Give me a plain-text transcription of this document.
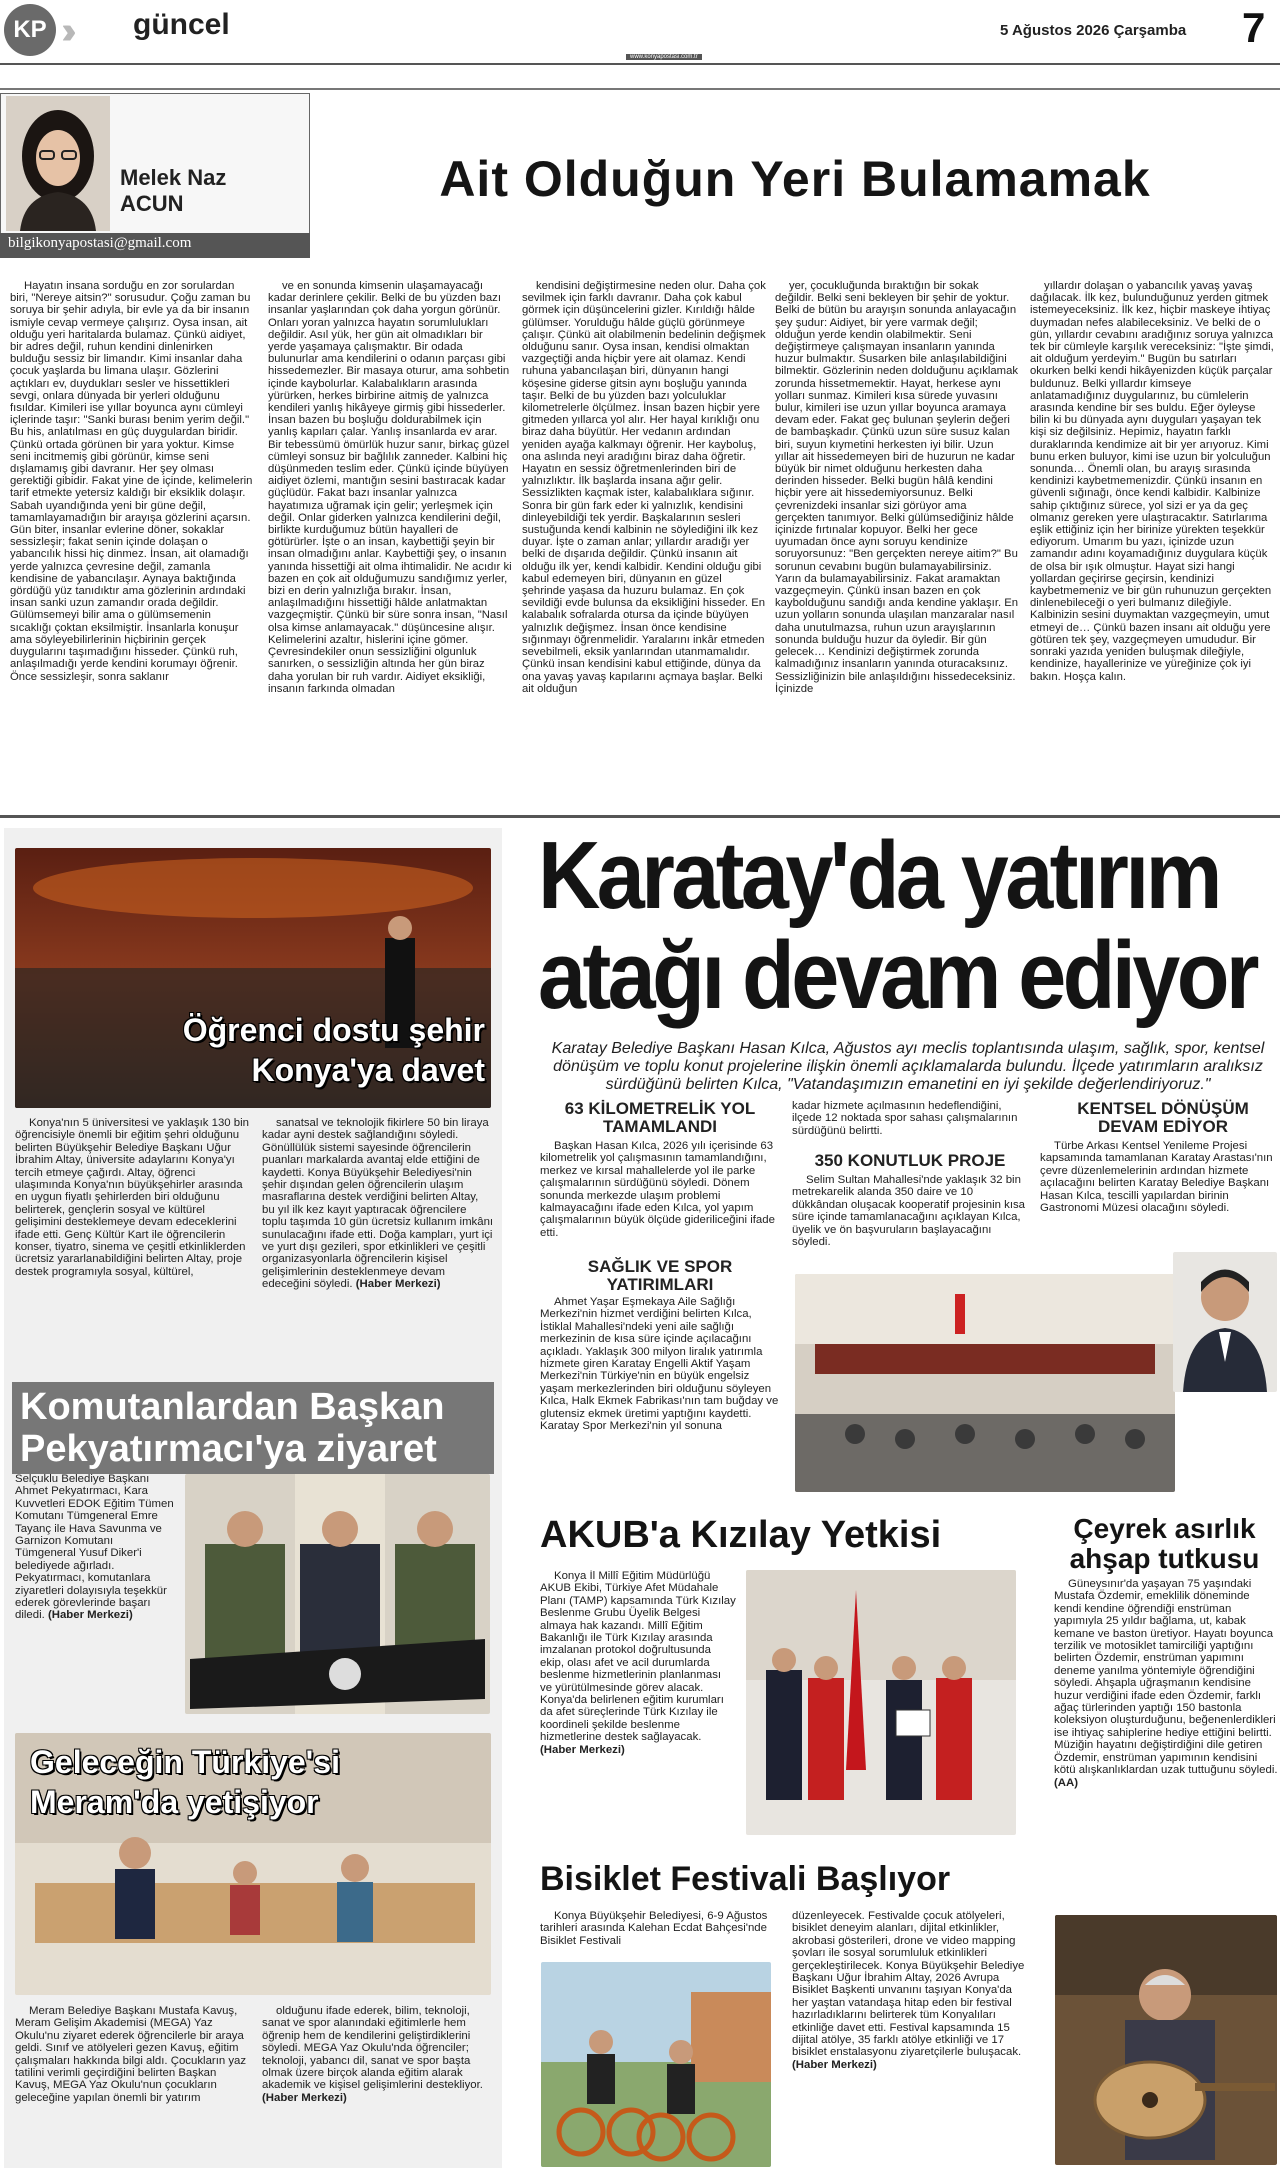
KP	güncel	5 Ağustos 2026 Çarşamba 7
www.konyapostasi.com.tr
Melek Naz
ACUN
bilgikonyapostasi@gmail.com
Ait Olduğun Yeri Bulamamak

Hayatın insana sorduğu en zor sorulardan biri, "Nereye aitsin?" sorusudur. Çoğu zaman bu soruya bir şehir adıyla, bir evle ya da bir insanın ismiyle cevap vermeye çalışırız. Oysa insan, ait olduğu yeri haritalarda bulamaz. Çünkü aidiyet, bir adres değil, ruhun kendini dinlenirken bulduğu sessiz bir limandır. Kimi insanlar daha çocuk yaşlarda bu limana ulaşır. Gözlerini açtıkları ev, duydukları sesler ve hissettikleri sevgi, onlara dünyada bir yerleri olduğunu fısıldar. Kimileri ise yıllar boyunca aynı cümleyi içlerinde taşır: "Sanki burası benim yerim değil." Bu his, anlatılması en güç duygulardan biridir. Çünkü ortada görünen bir yara yoktur. Kimse seni incitmemiş gibi görünür, kimse seni dışlamamış gibi davranır. Her şey olması gerektiği gibidir. Fakat yine de içinde, kelimelerin tarif etmekte yetersiz kaldığı bir eksiklik dolaşır. Sabah uyandığında yeni bir güne değil, tamamlayamadığın bir arayışa gözlerini açarsın. Gün biter, insanlar evlerine döner, sokaklar sessizleşir; fakat senin içinde dolaşan o yabancılık hissi hiç dinmez. İnsan, ait olamadığı yerde yalnızca çevresine değil, zamanla kendisine de yabancılaşır. Aynaya baktığında gördüğü yüz tanıdıktır ama gözlerinin ardındaki insan sanki uzun zamandır orada değildir. Gülümsemeyi bilir ama o gülümsemenin sıcaklığı çoktan eksilmiştir. İnsanlarla konuşur ama söyleyebilirlerinin hiçbirinin gerçek duygularını taşımadığını hisseder. Çünkü ruh, anlaşılmadığı yerde kendini korumayı öğrenir. Önce sessizleşir, sonra saklanır

ve en sonunda kimsenin ulaşamayacağı kadar derinlere çekilir. Belki de bu yüzden bazı insanlar yaşlarından çok daha yorgun görünür. Onları yoran yalnızca hayatın sorumlulukları değildir. Asıl yük, her gün ait olmadıkları bir yerde yaşamaya çalışmaktır. Bir odada bulunurlar ama kendilerini o odanın parçası gibi hissedemezler. Bir masaya oturur, ama sohbetin içinde kaybolurlar. Kalabalıkların arasında yürürken, herkes birbirine aitmiş de yalnızca kendileri yanlış hikâyeye girmiş gibi hissederler. İnsan bazen bu boşluğu doldurabilmek için yanlış kapıları çalar. Yanlış insanlarda ev arar. Bir tebessümü ömürlük huzur sanır, birkaç güzel cümleyi sonsuz bir bağlılık zanneder. Kalbini hiç düşünmeden teslim eder. Çünkü içinde büyüyen aidiyet özlemi, mantığın sesini bastıracak kadar güçlüdür. Fakat bazı insanlar yalnızca hayatımıza uğramak için gelir; yerleşmek için değil. Onlar giderken yalnızca kendilerini değil, birlikte kurduğumuz bütün hayalleri de götürürler. İşte o an insan, kaybettiği şeyin bir insan olmadığını anlar. Kaybettiği şey, o insanın yanında hissettiği ait olma ihtimalidir. Ne acıdır ki bazen en çok ait olduğumuzu sandığımız yerler, bizi en derin yalnızlığa bırakır. İnsan, anlaşılmadığını hissettiği hâlde anlatmaktan vazgeçmiştir. Çünkü bir süre sonra insan, "Nasıl olsa kimse anlamayacak." düşüncesine alışır. Kelimelerini azaltır, hislerini içine gömer. Çevresindekiler onun sessizliğini olgunluk sanırken, o sessizliğin altında her gün biraz daha yorulan bir ruh vardır. Aidiyet eksikliği, insanın farkında olmadan

kendisini değiştirmesine neden olur. Daha çok sevilmek için farklı davranır. Daha çok kabul görmek için düşüncelerini gizler. Kırıldığı hâlde gülümser. Yorulduğu hâlde güçlü görünmeye çalışır. Çünkü ait olabilmenin bedelinin değişmek olduğunu sanır. Oysa insan, kendisi olmaktan vazgeçtiği anda hiçbir yere ait olamaz. Kendi ruhuna yabancılaşan biri, dünyanın hangi köşesine giderse gitsin aynı boşluğu yanında taşır. Belki de bu yüzden bazı yolculuklar kilometrelerle ölçülmez. İnsan bazen hiçbir yere gitmeden yıllarca yol alır. Her hayal kırıklığı onu biraz daha büyütür. Her vedanın ardından yeniden ayağa kalkmayı öğrenir. Her kayboluş, ona aslında neyi aradığını biraz daha öğretir. Hayatın en sessiz öğretmenlerinden biri de yalnızlıktır. İlk başlarda insana ağır gelir. Sessizlikten kaçmak ister, kalabalıklara sığınır. Sonra bir gün fark eder ki yalnızlık, kendisini dinleyebildiği tek yerdir. Başkalarının sesleri sustuğunda kendi kalbinin ne söylediğini ilk kez duyar. İşte o zaman anlar; yıllardır aradığı yer belki de dışarıda değildir. Çünkü insanın ait olduğu ilk yer, kendi kalbidir. Kendini olduğu gibi kabul edemeyen biri, dünyanın en güzel şehrinde yaşasa da huzuru bulamaz. En çok sevildiği evde bulunsa da eksikliğini hisseder. En kalabalık sofralarda otursa da içinde büyüyen yalnızlık değişmez. İnsan önce kendisine sığınmayı öğrenmelidir. Yaralarını inkâr etmeden sevebilmeli, eksik yanlarından utanmamalıdır. Çünkü insan kendisini kabul ettiğinde, dünya da ona yavaş yavaş kapılarını açmaya başlar. Belki ait olduğun

yer, çocukluğunda bıraktığın bir sokak değildir. Belki seni bekleyen bir şehir de yoktur. Belki de bütün bu arayışın sonunda anlayacağın şey şudur: Aidiyet, bir yere varmak değil; olduğun yerde kendin olabilmektir. Seni değiştirmeye çalışmayan insanların yanında huzur bulmaktır. Susarken bile anlaşılabildiğini bilmektir. Gözlerinin neden dolduğunu açıklamak zorunda hissetmemektir. Hayat, herkese aynı yolları sunmaz. Kimileri kısa sürede yuvasını bulur, kimileri ise uzun yıllar boyunca aramaya devam eder. Fakat geç bulunan şeylerin değeri de bambaşkadır. Çünkü uzun süre susuz kalan biri, suyun kıymetini herkesten iyi bilir. Uzun yıllar ait hissedemeyen biri de huzurun ne kadar büyük bir nimet olduğunu herkesten daha derinden hisseder. Belki bugün hâlâ kendini hiçbir yere ait hissedemiyorsunuz. Belki çevrenizdeki insanlar sizi görüyor ama gerçekten tanımıyor. Belki gülümsediğiniz hâlde içinizde fırtınalar kopuyor. Belki her gece uyumadan önce aynı soruyu kendinize soruyorsunuz: "Ben gerçekten nereye aitim?" Bu sorunun cevabını bugün bulamayabilirsiniz. Yarın da bulamayabilirsiniz. Fakat aramaktan vazgeçmeyin. Çünkü insan bazen en çok kaybolduğunu sandığı anda kendine yaklaşır. En uzun yolların sonunda ulaşılan manzaralar nasıl daha unutulmazsa, ruhun uzun arayışlarının sonunda bulduğu huzur da öyledir. Bir gün gelecek… Kendinizi değiştirmek zorunda kalmadığınız insanların yanında oturacaksınız. Sessizliğinizin bile anlaşıldığını hissedeceksiniz. İçinizde

yıllardır dolaşan o yabancılık yavaş yavaş dağılacak. İlk kez, bulunduğunuz yerden gitmek istemeyeceksiniz. İlk kez, hiçbir maskeye ihtiyaç duymadan nefes alabileceksiniz. Ve belki de o gün, yıllardır cevabını aradığınız soruya yalnızca tek bir cümleyle karşılık vereceksiniz: "İşte şimdi, ait olduğum yerdeyim." Bugün bu satırları okurken belki kendi hikâyenizden küçük parçalar buldunuz. Belki yıllardır kimseye anlatamadığınız duygularınız, bu cümlelerin arasında kendine bir ses buldu. Eğer öyleyse bilin ki bu dünyada aynı duyguları yaşayan tek kişi siz değilsiniz. Hepimiz, hayatın farklı duraklarında kendimize ait bir yer arıyoruz. Kimi bunu erken buluyor, kimi ise uzun bir yolculuğun sonunda… Önemli olan, bu arayış sırasında kendinizi kaybetmemenizdir. Çünkü insanın en güvenli sığınağı, önce kendi kalbidir. Kalbinize sahip çıktığınız sürece, yol sizi er ya da geç olmanız gereken yere ulaştıracaktır. Satırlarıma eşlik ettiğiniz için her birinize yürekten teşekkür ediyorum. Umarım bu yazı, içinizde uzun zamandır adını koyamadığınız duygulara küçük de olsa bir ışık olmuştur. Hayat sizi hangi yollardan geçirirse geçirsin, kendinizi kaybetmemeniz ve bir gün ruhunuzun gerçekten dinlenebileceği o yeri bulmanız dileğiyle. Kalbinizin sesini duymaktan vazgeçmeyin, umut etmeyi de… Çünkü bazen insanı ait olduğu yere götüren tek şey, vazgeçmeyen umududur. Bir sonraki yazıda yeniden buluşmak dileğiyle, kendinize, hayallerinize ve yüreğinize çok iyi bakın. Hoşça kalın.

Öğrenci dostu şehir
Konya'ya davet

Konya'nın 5 üniversitesi ve yaklaşık 130 bin öğrencisiyle önemli bir eğitim şehri olduğunu belirten Büyükşehir Belediye Başkanı Uğur İbrahim Altay, üniversite adaylarını Konya'yı tercih etmeye çağırdı. Altay, öğrenci ulaşımında Konya'nın büyükşehirler arasında en uygun fiyatlı şehirlerden biri olduğunu belirterek, gençlerin sosyal ve kültürel gelişimini desteklemeye devam edeceklerini ifade etti. Genç Kültür Kart ile öğrencilerin konser, tiyatro, sinema ve çeşitli etkinliklerden ücretsiz yararlanabildiğini belirten Altay, proje destek programıyla sosyal, kültürel,

sanatsal ve teknolojik fikirlere 50 bin liraya kadar ayni destek sağlandığını söyledi. Gönüllülük sistemi sayesinde öğrencilerin puanları markalarda avantaj elde ettiğini de kaydetti. Konya Büyükşehir Belediyesi'nin şehir dışından gelen öğrencilerin ulaşım masraflarına destek verdiğini belirten Altay, bu yıl ilk kez kayıt yaptıracak öğrencilere toplu taşımda 10 gün ücretsiz kullanım imkânı sunulacağını ifade etti. Doğa kampları, yurt içi ve yurt dışı gezileri, spor etkinlikleri ve çeşitli organizasyonlarla öğrencilerin kişisel gelişimlerinin desteklenmeye devam edeceğini söyledi. (Haber Merkezi)

Komutanlardan Başkan Pekyatırmacı'ya ziyaret

Selçuklu Belediye Başkanı Ahmet Pekyatırmacı, Kara Kuvvetleri EDOK Eğitim Tümen Komutanı Tümgeneral Emre Tayanç ile Hava Savunma ve Garnizon Komutanı Tümgeneral Yusuf Diker'i belediyede ağırladı. Pekyatırmacı, komutanlara ziyaretleri dolayısıyla teşekkür ederek görevlerinde başarı diledi. (Haber Merkezi)

Geleceğin Türkiye'si
Meram'da yetişiyor

Meram Belediye Başkanı Mustafa Kavuş, Meram Gelişim Akademisi (MEGA) Yaz Okulu'nu ziyaret ederek öğrencilerle bir araya geldi. Sınıf ve atölyeleri gezen Kavuş, eğitim çalışmaları hakkında bilgi aldı. Çocukların yaz tatilini verimli geçirdiğini belirten Başkan Kavuş, MEGA Yaz Okulu'nun çocukların geleceğine yapılan önemli bir yatırım

olduğunu ifade ederek, bilim, teknoloji, sanat ve spor alanındaki eğitimlerle hem öğrenip hem de kendilerini geliştirdiklerini söyledi. MEGA Yaz Okulu'nda öğrenciler; teknoloji, yabancı dil, sanat ve spor başta olmak üzere birçok alanda eğitim alarak akademik ve kişisel gelişimlerini destekliyor. (Haber Merkezi)

Karatay'da yatırım
atağı devam ediyor
Karatay Belediye Başkanı Hasan Kılca, Ağustos ayı meclis toplantısında ulaşım, sağlık, spor, kentsel dönüşüm ve toplu konut projelerine ilişkin önemli açıklamalarda bulundu. İlçede yatırımların aralıksız sürdüğünü belirten Kılca, "Vatandaşımızın emanetini en iyi şekilde değerlendiriyoruz."
63 KİLOMETRELİK YOL TAMAMLANDI

Başkan Hasan Kılca, 2026 yılı içerisinde 63 kilometrelik yol çalışmasının tamamlandığını, merkez ve kırsal mahallelerde yol ile parke çalışmalarının sürdüğünü söyledi. Dönem sonunda merkezde ulaşım problemi kalmayacağını ifade eden Kılca, yol yapım çalışmalarının büyük ölçüde gideriliceğini ifade etti.

SAĞLIK VE SPOR YATIRIMLARI

Ahmet Yaşar Eşmekaya Aile Sağlığı Merkezi'nin hizmet verdiğini belirten Kılca, İstiklal Mahallesi'ndeki yeni aile sağlığı merkezinin de kısa süre içinde açılacağını açıkladı. Yaklaşık 300 milyon liralık yatırımla hizmete giren Karatay Engelli Aktif Yaşam Merkezi'nin Türkiye'nin en büyük engelsiz yaşam merkezlerinden biri olduğunu söyleyen Kılca, Halk Ekmek Fabrikası'nın tam buğday ve glutensiz ekmek üretimi yaptığını kaydetti. Karatay Spor Merkezi'nin yıl sonuna

kadar hizmete açılmasının hedeflendiğini, ilçede 12 noktada spor sahası çalışmalarının sürdüğünü belirtti.

350 KONUTLUK PROJE

Selim Sultan Mahallesi'nde yaklaşık 32 bin metrekarelik alanda 350 daire ve 10 dükkândan oluşacak kooperatif projesinin kısa süre içinde tamamlanacağını açıklayan Kılca, üyelik ve ön başvuruların başlayacağını söyledi.

KENTSEL DÖNÜŞÜM DEVAM EDİYOR

Türbe Arkası Kentsel Yenileme Projesi kapsamında tamamlanan Karatay Arastası'nın çevre düzenlemelerinin ardından hizmete açılacağını belirten Karatay Belediye Başkanı Hasan Kılca, tescilli yapılardan birinin Gastronomi Müzesi olacağını söyledi.

AKUB'a Kızılay Yetkisi

Konya İl Millî Eğitim Müdürlüğü AKUB Ekibi, Türkiye Afet Müdahale Planı (TAMP) kapsamında Türk Kızılay Beslenme Grubu Üyelik Belgesi almaya hak kazandı. Millî Eğitim Bakanlığı ile Türk Kızılay arasında imzalanan protokol doğrultusunda ekip, olası afet ve acil durumlarda beslenme hizmetlerinin planlanması ve yürütülmesinde görev alacak. Konya'da belirlenen eğitim kurumları da afet süreçlerinde Türk Kızılay ile koordineli şekilde beslenme hizmetlerine destek sağlayacak. (Haber Merkezi)

Çeyrek asırlık ahşap tutkusu

Güneysınır'da yaşayan 75 yaşındaki Mustafa Özdemir, emeklilik döneminde kendi kendine öğrendiği enstrüman yapımıyla 25 yıldır bağlama, ut, kabak kemane ve baston üretiyor. Hayatı boyunca terzilik ve motosiklet tamirciliği yaptığını belirten Özdemir, enstrüman yapımını deneme yanılma yöntemiyle öğrendiğini söyledi. Ahşapla uğraşmanın kendisine huzur verdiğini ifade eden Özdemir, farklı ağaç türlerinden yaptığı 150 bastonla koleksiyon oluşturduğunu, beğenenlerdikleri ise ihtiyaç sahiplerine hediye ettiğini belirtti. Müziğin hayatını değiştirdiğini dile getiren Özdemir, enstrüman yapımının kendisini kötü alışkanlıklardan uzak tuttuğunu söyledi. (AA)

Bisiklet Festivali Başlıyor

Konya Büyükşehir Belediyesi, 6-9 Ağustos tarihleri arasında Kalehan Ecdat Bahçesi'nde Bisiklet Festivali

düzenleyecek. Festivalde çocuk atölyeleri, bisiklet deneyim alanları, dijital etkinlikler, akrobasi gösterileri, drone ve video mapping şovları ile sosyal sorumluluk etkinlikleri gerçekleştirilecek. Konya Büyükşehir Belediye Başkanı Uğur İbrahim Altay, 2026 Avrupa Bisiklet Başkenti unvanını taşıyan Konya'da her yaştan vatandaşa hitap eden bir festival hazırladıklarını belirterek tüm Konyalıları etkinliğe davet etti. Festival kapsamında 15 dijital atölye, 35 farklı atölye etkinliği ve 17 bisiklet enstalasyonu ziyaretçilerle buluşacak. (Haber Merkezi)
